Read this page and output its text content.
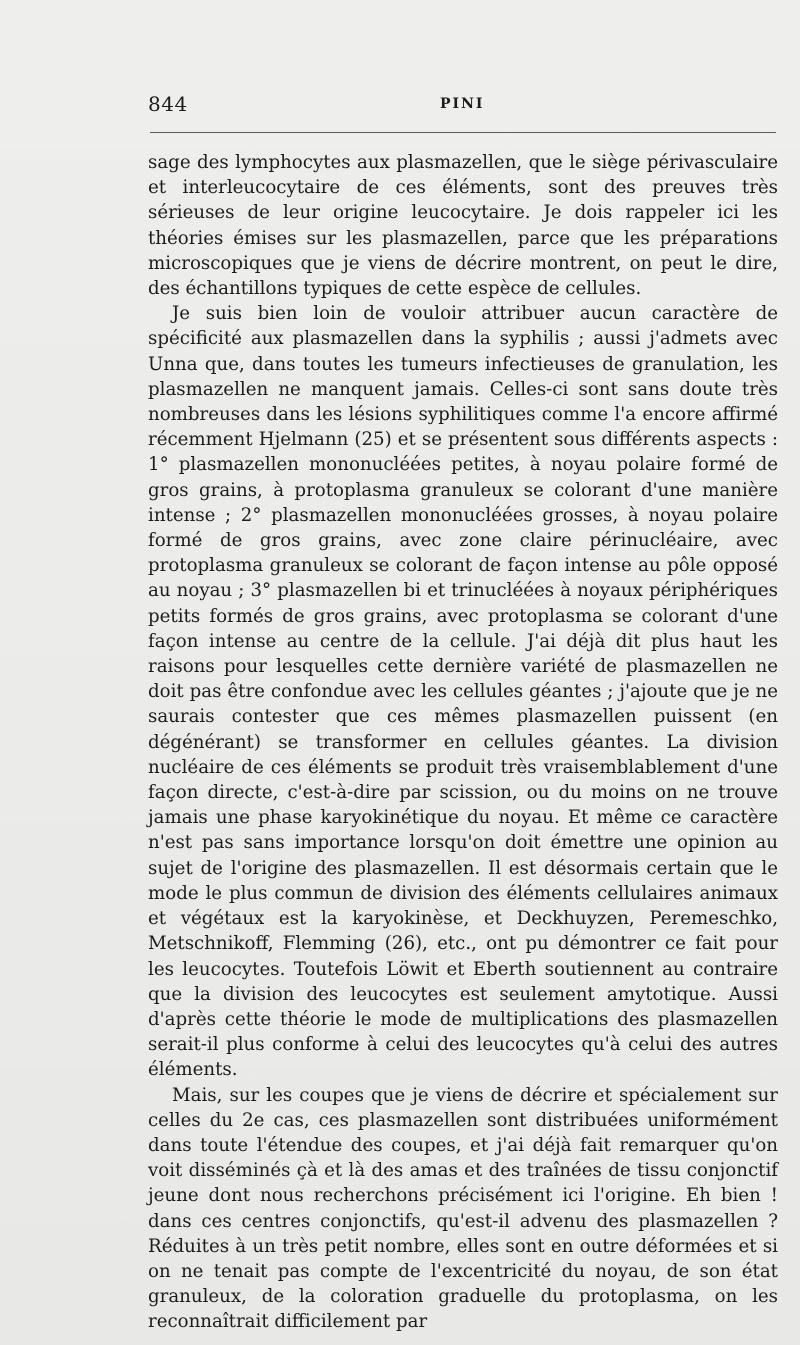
844	PINI

sage des lymphocytes aux plasmazellen, que le siège périvasculaire et interleucocytaire de ces éléments, sont des preuves très sérieuses de leur origine leucocytaire. Je dois rappeler ici les théories émises sur les plasmazellen, parce que les préparations microscopiques que je viens de décrire montrent, on peut le dire, des échantillons typiques de cette espèce de cellules.

Je suis bien loin de vouloir attribuer aucun caractère de spécificité aux plasmazellen dans la syphilis ; aussi j'admets avec Unna que, dans toutes les tumeurs infectieuses de granulation, les plasmazellen ne manquent jamais. Celles-ci sont sans doute très nombreuses dans les lésions syphilitiques comme l'a encore affirmé récemment Hjelmann (25) et se présentent sous différents aspects : 1° plasmazellen mononucléées petites, à noyau polaire formé de gros grains, à protoplasma granuleux se colorant d'une manière intense ; 2° plasmazellen mononucléées grosses, à noyau polaire formé de gros grains, avec zone claire périnucléaire, avec protoplasma granuleux se colorant de façon intense au pôle opposé au noyau ; 3° plasmazellen bi et trinucléées à noyaux périphériques petits formés de gros grains, avec protoplasma se colorant d'une façon intense au centre de la cellule. J'ai déjà dit plus haut les raisons pour lesquelles cette dernière variété de plasmazellen ne doit pas être confondue avec les cellules géantes ; j'ajoute que je ne saurais contester que ces mêmes plasmazellen puissent (en dégénérant) se transformer en cellules géantes. La division nucléaire de ces éléments se produit très vraisemblablement d'une façon directe, c'est-à-dire par scission, ou du moins on ne trouve jamais une phase karyokinétique du noyau. Et même ce caractère n'est pas sans importance lorsqu'on doit émettre une opinion au sujet de l'origine des plasmazellen. Il est désormais certain que le mode le plus commun de division des éléments cellulaires animaux et végétaux est la karyokinèse, et Deckhuyzen, Peremeschko, Metschnikoff, Flemming (26), etc., ont pu démontrer ce fait pour les leucocytes. Toutefois Löwit et Eberth soutiennent au contraire que la division des leucocytes est seulement amytotique. Aussi d'après cette théorie le mode de multiplications des plasmazellen serait-il plus conforme à celui des leucocytes qu'à celui des autres éléments.

Mais, sur les coupes que je viens de décrire et spécialement sur celles du 2e cas, ces plasmazellen sont distribuées uniformément dans toute l'étendue des coupes, et j'ai déjà fait remarquer qu'on voit disséminés çà et là des amas et des traînées de tissu conjonctif jeune dont nous recherchons précisément ici l'origine. Eh bien ! dans ces centres conjonctifs, qu'est-il advenu des plasmazellen ? Réduites à un très petit nombre, elles sont en outre déformées et si on ne tenait pas compte de l'excentricité du noyau, de son état granuleux, de la coloration graduelle du protoplasma, on les reconnaîtrait difficilement par
